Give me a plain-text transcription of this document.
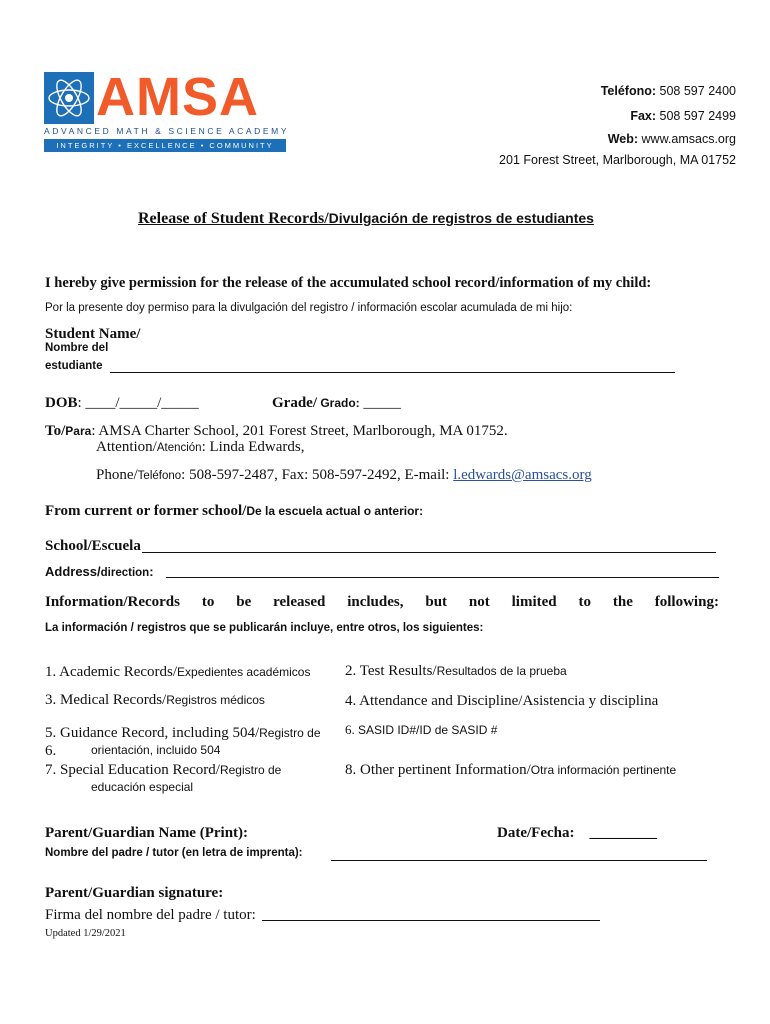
AMSA
ADVANCED MATH & SCIENCE ACADEMY
INTEGRITY • EXCELLENCE • COMMUNITY
Teléfono: 508 597 2400
Fax: 508 597 2499
Web: www.amsacs.org
201 Forest Street, Marlborough, MA 01752
Release of Student Records/Divulgación de registros de estudiantes
I hereby give permission for the release of the accumulated school record/information of my child:
Por la presente doy permiso para la divulgación del registro / información escolar acumulada de mi hijo:
Student Name/
Nombre del
estudiante
DOB: ____/_____/_____	Grade/ Grado: _____
To/Para: AMSA Charter School, 201 Forest Street, Marlborough, MA 01752.
Attention/Atención: Linda Edwards,
Phone/Teléfono: 508-597-2487, Fax: 508-597-2492, E-mail: l.edwards@amsacs.org
From current or former school/De la escuela actual o anterior:
School/Escuela
Address/direction:
Information/Records to be released includes, but not limited to the following:
La información / registros que se publicarán incluye, entre otros, los siguientes:
1. Academic Records/Expedientes académicos 2. Test Results/Resultados de la prueba
3. Medical Records/Registros médicos	4. Attendance and Discipline/Asistencia y disciplina
5. Guidance Record, including 504/Registro de
orientación, incluido 504
6.
6. SASID ID#/ID de SASID #
7. Special Education Record/Registro de
educación especial
8. Other pertinent Information/Otra información pertinente
Parent/Guardian Name (Print):	Date/Fecha: _________
Nombre del padre / tutor (en letra de imprenta):
Parent/Guardian signature:
Firma del nombre del padre / tutor:
Updated 1/29/2021
